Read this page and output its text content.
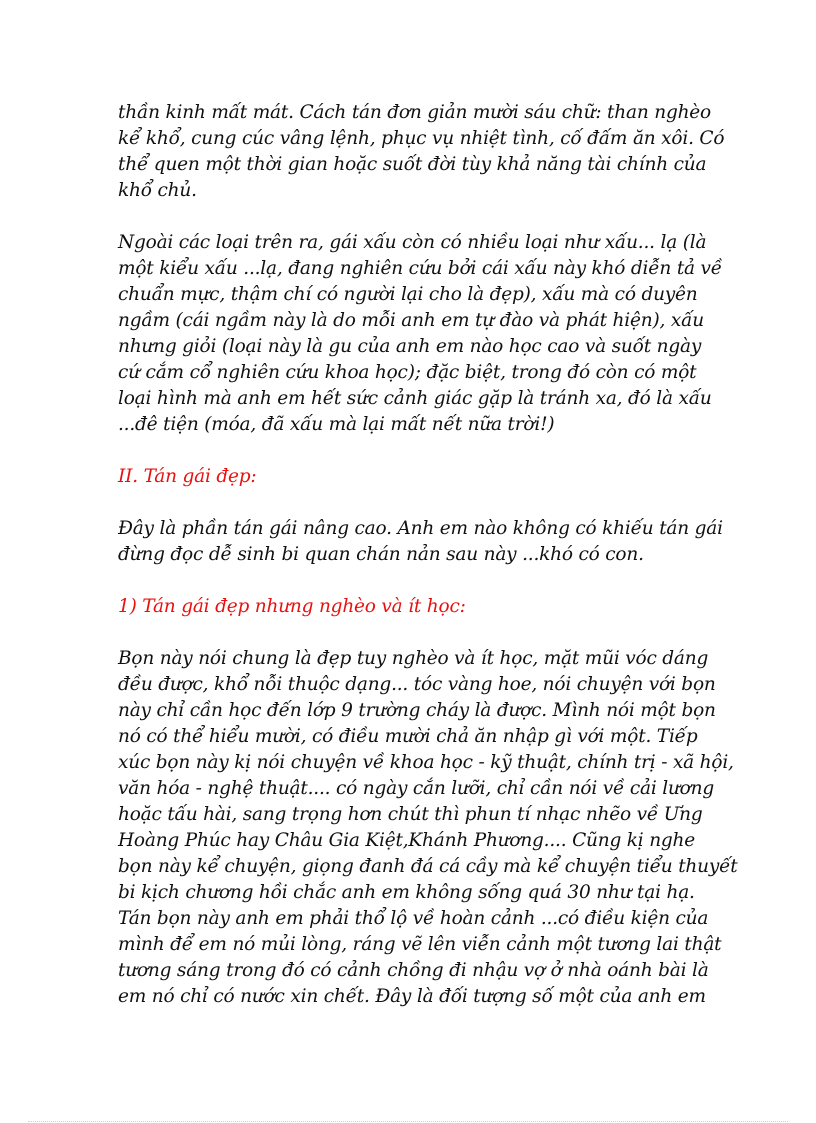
thần kinh mất mát. Cách tán đơn giản mười sáu chữ: than nghèo
kể khổ, cung cúc vâng lệnh, phục vụ nhiệt tình, cố đấm ăn xôi. Có
thể quen một thời gian hoặc suốt đời tùy khả năng tài chính của
khổ chủ.

Ngoài các loại trên ra, gái xấu còn có nhiều loại như xấu... lạ (là
một kiểu xấu ...lạ, đang nghiên cứu bởi cái xấu này khó diễn tả về
chuẩn mực, thậm chí có người lại cho là đẹp), xấu mà có duyên
ngầm (cái ngầm này là do mỗi anh em tự đào và phát hiện), xấu
nhưng giỏi (loại này là gu của anh em nào học cao và suốt ngày
cứ cắm cổ nghiên cứu khoa học); đặc biệt, trong đó còn có một
loại hình mà anh em hết sức cảnh giác gặp là tránh xa, đó là xấu
...đê tiện (móa, đã xấu mà lại mất nết nữa trời!)

II. Tán gái đẹp:

Đây là phần tán gái nâng cao. Anh em nào không có khiếu tán gái
đừng đọc dễ sinh bi quan chán nản sau này ...khó có con.

1) Tán gái đẹp nhưng nghèo và ít học:

Bọn này nói chung là đẹp tuy nghèo và ít học, mặt mũi vóc dáng
đều được, khổ nỗi thuộc dạng... tóc vàng hoe, nói chuyện với bọn
này chỉ cần học đến lớp 9 trường cháy là được. Mình nói một bọn
nó có thể hiểu mười, có điều mười chả ăn nhập gì với một. Tiếp
xúc bọn này kị nói chuyện về khoa học - kỹ thuật, chính trị - xã hội,
văn hóa - nghệ thuật.... có ngày cắn lưỡi, chỉ cần nói về cải lương
hoặc tấu hài, sang trọng hơn chút thì phun tí nhạc nhẽo về Ưng
Hoàng Phúc hay Châu Gia Kiệt,Khánh Phương.... Cũng kị nghe
bọn này kể chuyện, giọng đanh đá cá cầy mà kể chuyện tiểu thuyết
bi kịch chương hồi chắc anh em không sống quá 30 như tại hạ.
Tán bọn này anh em phải thổ lộ về hoàn cảnh ...có điều kiện của
mình để em nó mủi lòng, ráng vẽ lên viễn cảnh một tương lai thật
tương sáng trong đó có cảnh chồng đi nhậu vợ ở nhà oánh bài là
em nó chỉ có nước xin chết. Đây là đối tượng số một của anh em
